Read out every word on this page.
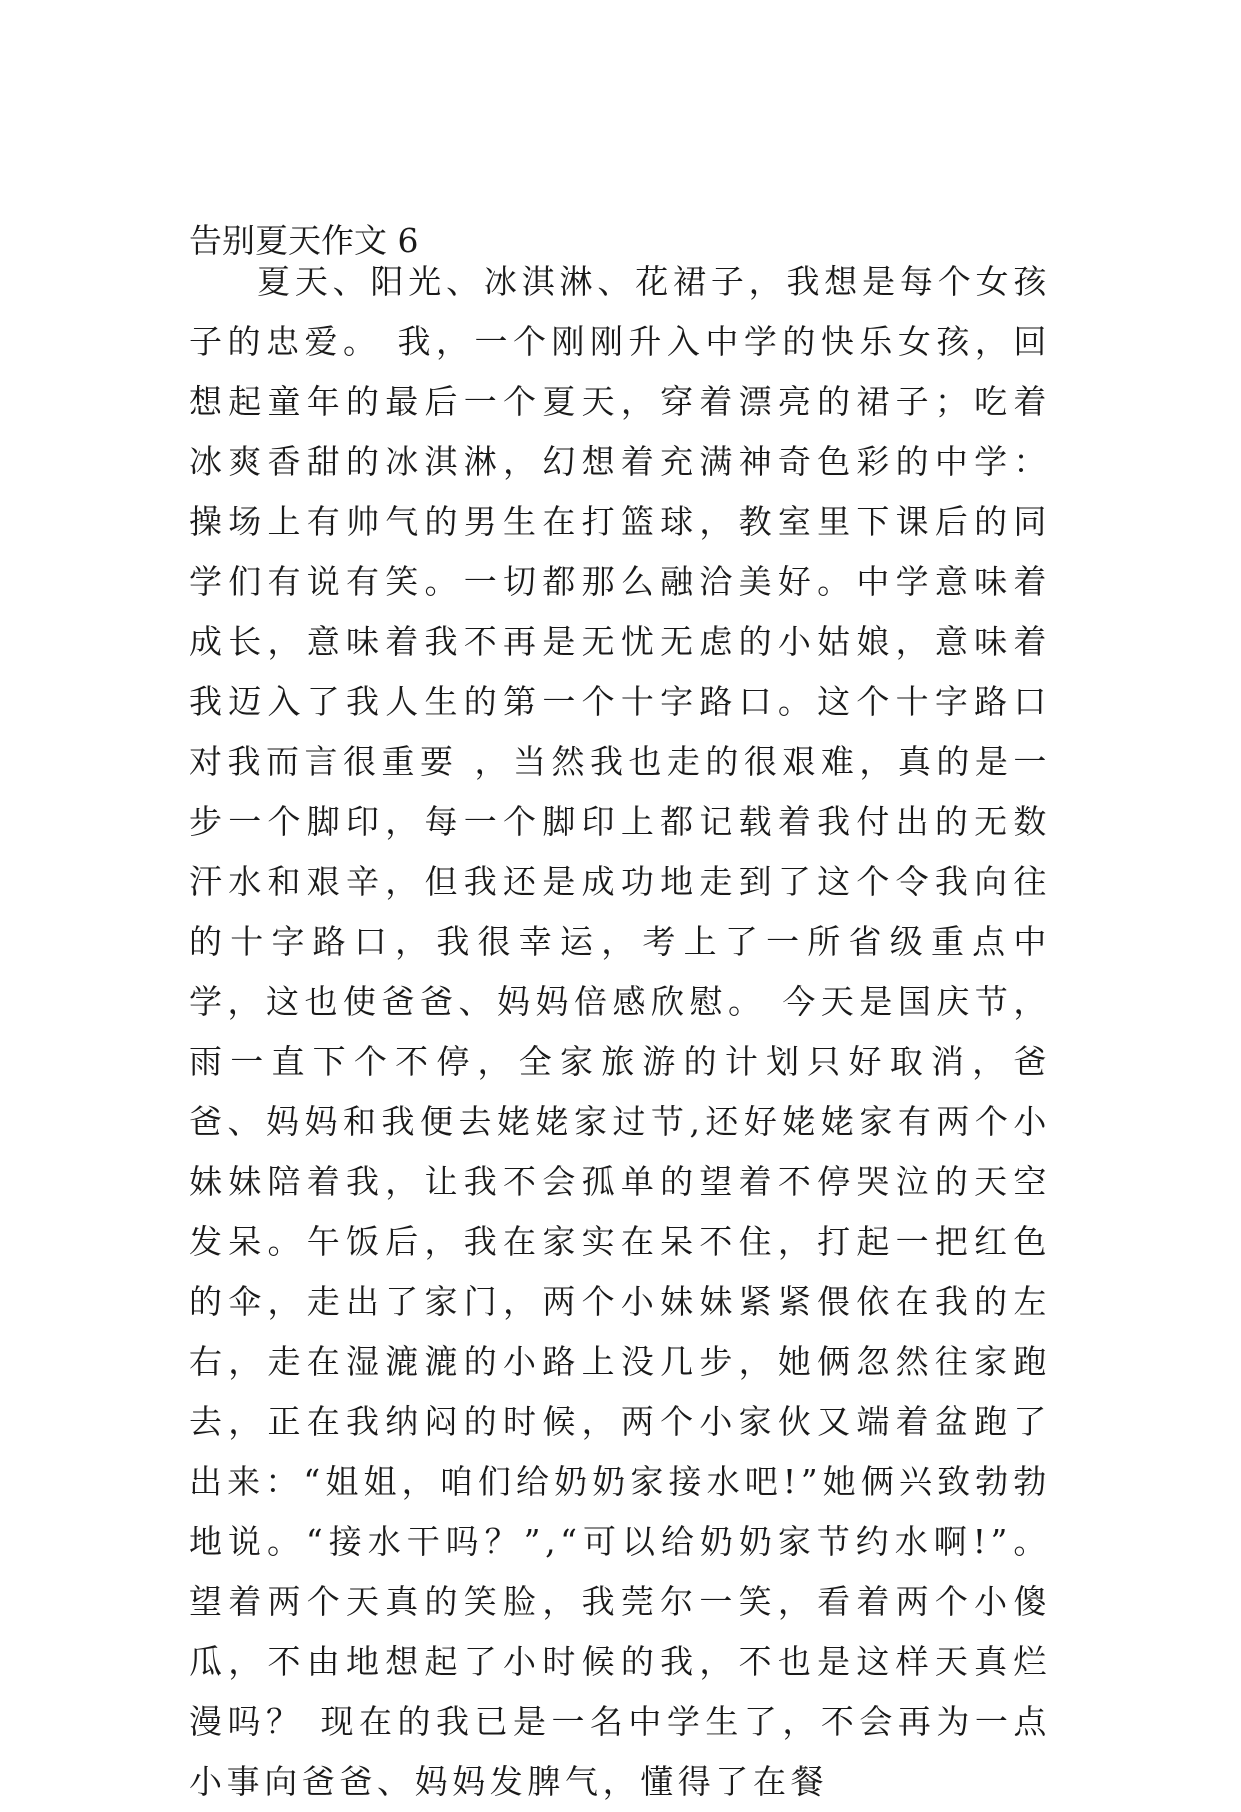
告别夏天作文 6

夏天、阳光、冰淇淋、花裙子，我想是每个女孩子的忠爱。 我，一个刚刚升入中学的快乐女孩，回想起童年的最后一个夏天，穿着漂亮的裙子；吃着冰爽香甜的冰淇淋，幻想着充满神奇色彩的中学：操场上有帅气的男生在打篮球，教室里下课后的同学们有说有笑。一切都那么融洽美好。中学意味着成长，意味着我不再是无忧无虑的小姑娘，意味着我迈入了我人生的第一个十字路口。这个十字路口对我而言很重要 ，当然我也走的很艰难，真的是一步一个脚印，每一个脚印上都记载着我付出的无数汗水和艰辛，但我还是成功地走到了这个令我向往的十字路口，我很幸运，考上了一所省级重点中学，这也使爸爸、妈妈倍感欣慰。 今天是国庆节，雨一直下个不停，全家旅游的计划只好取消，爸爸、妈妈和我便去姥姥家过节,还好姥姥家有两个小妹妹陪着我，让我不会孤单的望着不停哭泣的天空发呆。午饭后，我在家实在呆不住，打起一把红色的伞，走出了家门，两个小妹妹紧紧偎依在我的左右，走在湿漉漉的小路上没几步，她俩忽然往家跑去，正在我纳闷的时候，两个小家伙又端着盆跑了出来：“姐姐，咱们给奶奶家接水吧!”她俩兴致勃勃地说。“接水干吗？”,“可以给奶奶家节约水啊!”。望着两个天真的笑脸，我莞尔一笑，看着两个小傻瓜，不由地想起了小时候的我，不也是这样天真烂漫吗？ 现在的我已是一名中学生了，不会再为一点小事向爸爸、妈妈发脾气，懂得了在餐
